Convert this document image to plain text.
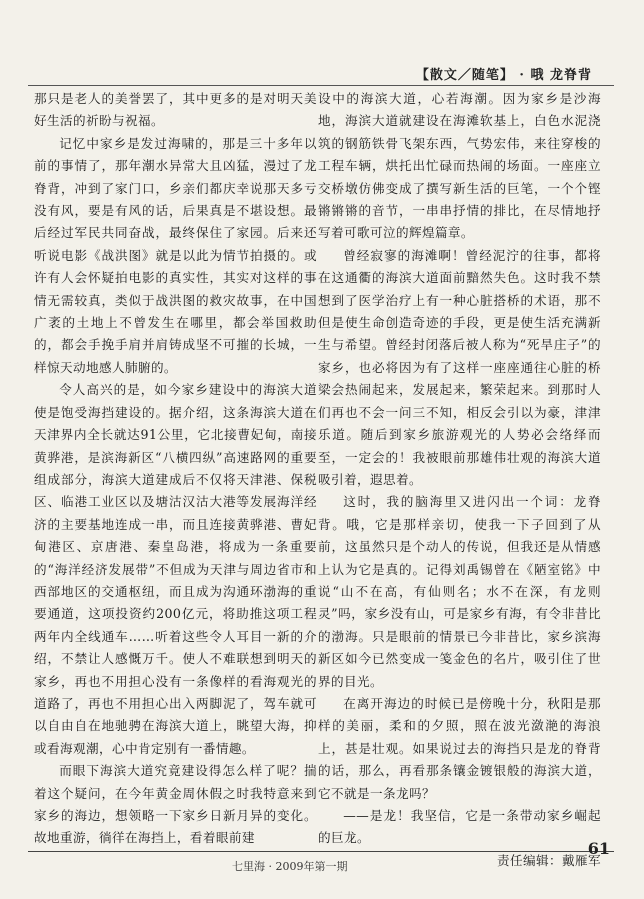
【散文／随笔】 · 哦 龙脊背

那只是老人的美誉罢了，其中更多的是对明天美好生活的祈盼与祝福。

记忆中家乡是发过海啸的，那是三十多年以前的事情了，那年潮水异常大且凶猛，漫过了龙脊背，冲到了家门口，乡亲们都庆幸说那天多亏没有风，要是有风的话，后果真是不堪设想。最后经过军民共同奋战，最终保住了家园。后来还听说电影《战洪图》就是以此为情节拍摄的。或许有人会怀疑拍电影的真实性，其实对这样的事情无需较真，类似于战洪图的救灾故事，在中国广袤的土地上不曾发生在哪里，都会举国救助的，都会手挽手肩并肩铸成坚不可摧的长城，一样惊天动地感人肺腑的。

令人高兴的是，如今家乡建设中的海滨大道使是饱受海挡建设的。据介绍，这条海滨大道在天津界内全长就达91公里，它北接曹妃甸，南接黄骅港，是滨海新区“八横四纵”高速路网的重要组成部分，海滨大道建成后不仅将天津港、保税区、临港工业区以及塘沽汉沽大港等发展海洋经济的主要基地连成一串，而且连接黄骅港、曹妃甸港区、京唐港、秦皇岛港，将成为一条重要的“海洋经济发展带”不但成为天津与周边省市和西部地区的交通枢纽，而且成为沟通环渤海的重要通道，这项投资约200亿元，将助推这项工程两年内全线通车……听着这些令人耳目一新的介绍，不禁让人感慨万千。使人不难联想到明天的家乡，再也不用担心没有一条像样的看海观光的道路了，再也不用担心出入两脚泥了，驾车就可以自由自在地驰骋在海滨大道上，眺望大海，抑或看海观潮，心中肯定别有一番情趣。

而眼下海滨大道究竟建设得怎么样了呢？揣着这个疑问，在今年黄金周休假之时我特意来到家乡的海边，想领略一下家乡日新月异的变化。故地重游，徜徉在海挡上，看着眼前建

设中的海滨大道，心若海潮。因为家乡是沙海地，海滨大道就建设在海滩软基上，白色水泥浇筑的钢筋铁骨飞架东西，气势宏伟，来往穿梭的工程车辆，烘托出忙碌而热闹的场面。一座座立交桥墩仿佛变成了撰写新生活的巨笔，一个个铿锵锵锵的音节，一串串抒情的排比，在尽情地抒写着可歌可泣的辉煌篇章。

曾经寂寥的海滩啊！曾经泥泞的往事，都将在这通衢的海滨大道面前黯然失色。这时我不禁想到了医学治疗上有一种心脏搭桥的术语，那不但是使生命创造奇迹的手段，更是使生活充满新生与希望。曾经封闭落后被人称为“死旱庄子”的家乡，也必将因为有了这样一座座通往心脏的桥梁会热闹起来，发展起来，繁荣起来。到那时人们再也不会一问三不知，相反会引以为豪，津津乐道。随后到家乡旅游观光的人势必会络绎而至，一定会的！我被眼前那雄伟壮观的海滨大道吸引着，遐思着。

这时，我的脑海里又进闪出一个词：龙脊背。哦，它是那样亲切，使我一下子回到了从前，这虽然只是个动人的传说，但我还是从情感上认为它是真的。记得刘禹锡曾在《陋室铭》中说“山不在高，有仙则名；水不在深，有龙则灵”吗，家乡没有山，可是家乡有海，有令非昔比的渤海。只是眼前的情景已今非昔比，家乡滨海新区如今已然变成一笺金色的名片，吸引住了世界的目光。

在离开海边的时候已是傍晚十分，秋阳是那样的美丽，柔和的夕照，照在波光潋滟的海浪上，甚是壮观。如果说过去的海挡只是龙的脊背的话，那么，再看那条镶金镀银般的海滨大道，它不就是一条龙吗？

——是龙！我坚信，它是一条带动家乡崛起的巨龙。

责任编辑：戴雁军

七里海 · 2009年第一期
61
